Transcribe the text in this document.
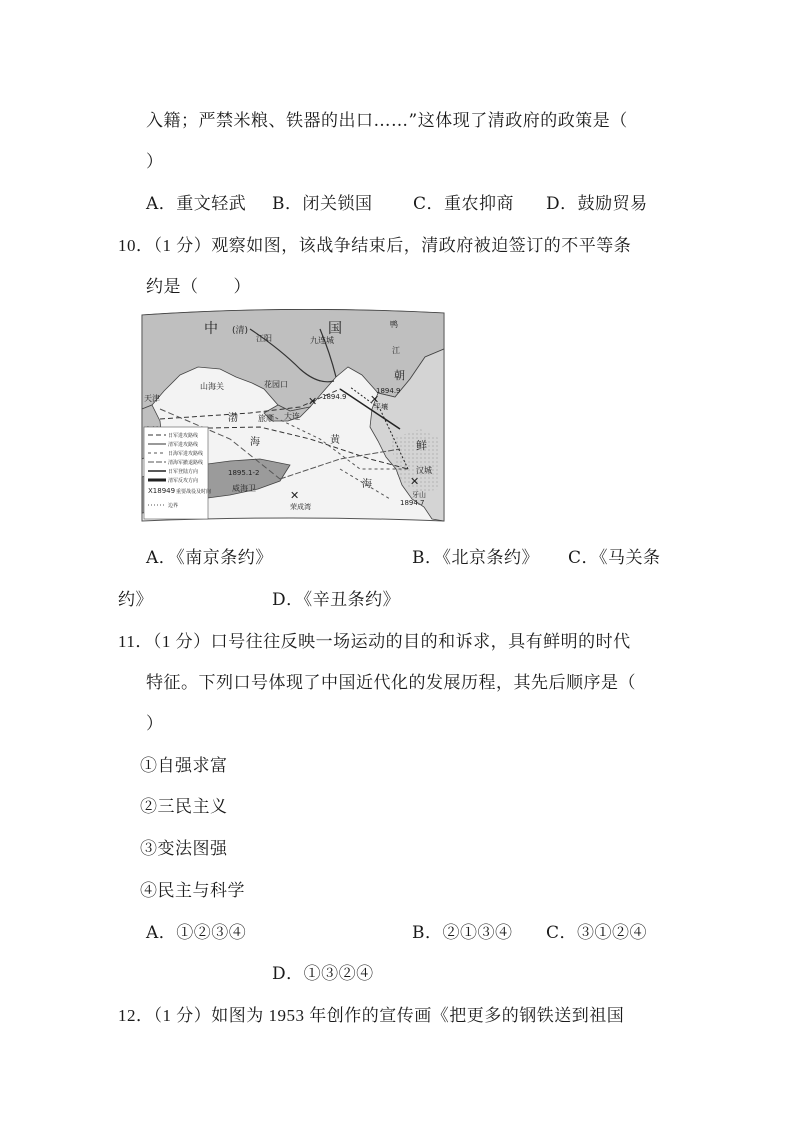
入籍；严禁米粮、铁器的出口……”这体现了清政府的政策是（
）
A．重文轻武 B．闭关锁国 C．重农抑商 D．鼓励贸易
10．（1 分）观察如图，该战争结束后，清政府被迫签订的不平等条
约是（　　）
✕	✕
✕
✕
中	国
(清)
江阳	九连城
鸭
江
朝
鲜
山海关	花园口
1894.9
1894.9
平壤
天津
旅顺 大连
渤
海	黄
海
威海卫
1895.1-2
荣成湾
汉城
牙山
1894.7
日军进攻路线
清军进攻路线
日海军进攻路线
清海军撤退路线
日军登陆方向
清军反攻方向
X18949 重要战役及时间
边界
A．《南京条约》	B．《北京条约》 C．《马关条
约》	D．《辛丑条约》
11．（1 分）口号往往反映一场运动的目的和诉求，具有鲜明的时代
特征。下列口号体现了中国近代化的发展历程，其先后顺序是（
）
①自强求富
②三民主义
③变法图强
④民主与科学
A．①②③④	B．②①③④ C．③①②④
D．①③②④
12．（1 分）如图为 1953 年创作的宣传画《把更多的钢铁送到祖国
